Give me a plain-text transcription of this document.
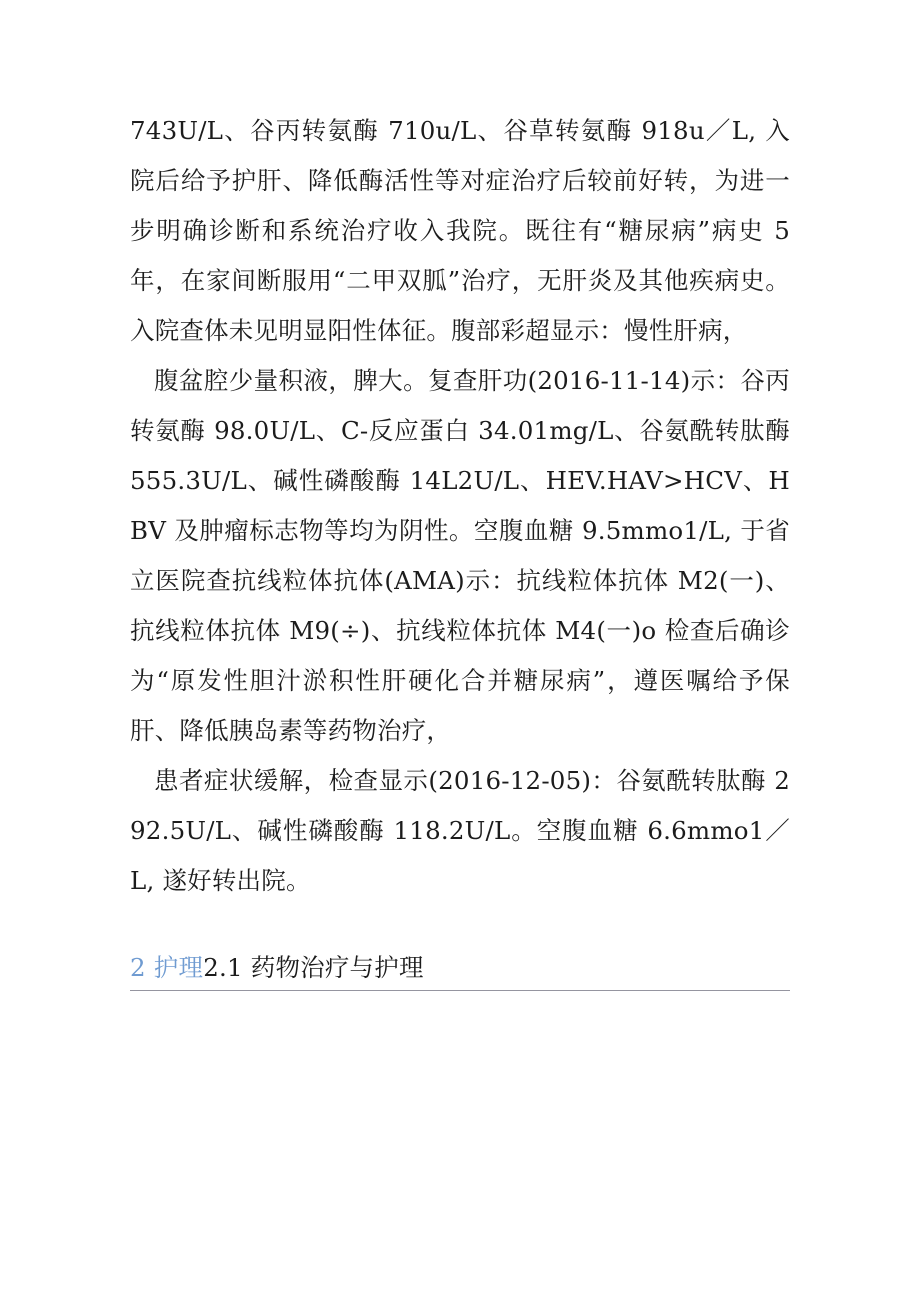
743U/L、谷丙转氨酶 710u/L、谷草转氨酶 918u／L, 入院后给予护肝、降低酶活性等对症治疗后较前好转，为进一步明确诊断和系统治疗收入我院。既往有“糖尿病”病史 5 年，在家间断服用“二甲双胍”治疗，无肝炎及其他疾病史。入院查体未见明显阳性体征。腹部彩超显示：慢性肝病，

腹盆腔少量积液，脾大。复查肝功(2016-11-14)示：谷丙转氨酶 98.0U/L、C-反应蛋白 34.01mg/L、谷氨酰转肽酶 555.3U/L、碱性磷酸酶 14L2U/L、HEV.HAV>HCV、HBV 及肿瘤标志物等均为阴性。空腹血糖 9.5mmo1/L, 于省立医院查抗线粒体抗体(AMA)示：抗线粒体抗体 M2(一)、抗线粒体抗体 M9(÷)、抗线粒体抗体 M4(一)o 检查后确诊为“原发性胆汁淤积性肝硬化合并糖尿病”，遵医嘱给予保肝、降低胰岛素等药物治疗，

患者症状缓解，检查显示(2016-12-05)：谷氨酰转肽酶 292.5U/L、碱性磷酸酶 118.2U/L。空腹血糖 6.6mmo1／L, 遂好转出院。

2 护理2.1 药物治疗与护理
